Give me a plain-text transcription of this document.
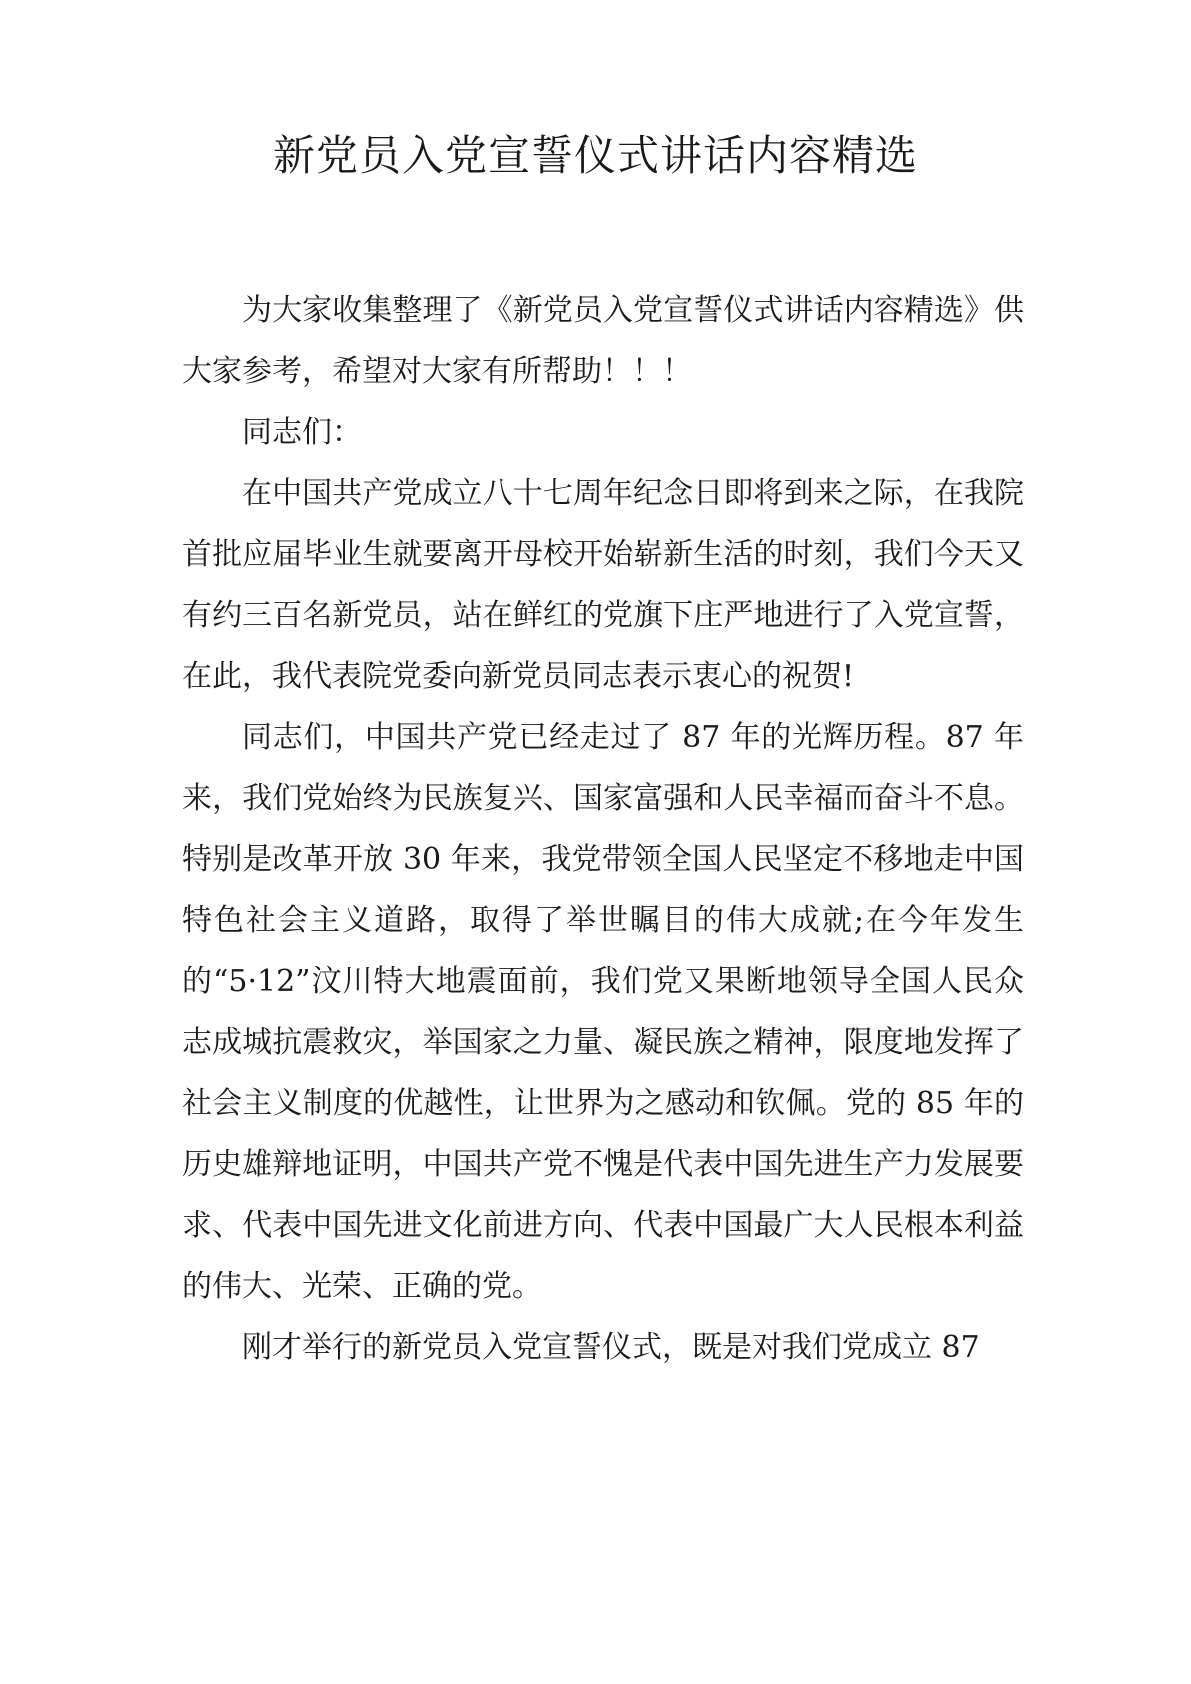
新党员入党宣誓仪式讲话内容精选

为大家收集整理了《新党员入党宣誓仪式讲话内容精选》供大家参考，希望对大家有所帮助！！！

同志们：

在中国共产党成立八十七周年纪念日即将到来之际，在我院首批应届毕业生就要离开母校开始崭新生活的时刻，我们今天又有约三百名新党员，站在鲜红的党旗下庄严地进行了入党宣誓，在此，我代表院党委向新党员同志表示衷心的祝贺!

同志们，中国共产党已经走过了 87 年的光辉历程。87 年来，我们党始终为民族复兴、国家富强和人民幸福而奋斗不息。特别是改革开放 30 年来，我党带领全国人民坚定不移地走中国特色社会主义道路，取得了举世瞩目的伟大成就;在今年发生的“5·12”汶川特大地震面前，我们党又果断地领导全国人民众志成城抗震救灾，举国家之力量、凝民族之精神，限度地发挥了社会主义制度的优越性，让世界为之感动和钦佩。党的 85 年的历史雄辩地证明，中国共产党不愧是代表中国先进生产力发展要求、代表中国先进文化前进方向、代表中国最广大人民根本利益的伟大、光荣、正确的党。

刚才举行的新党员入党宣誓仪式，既是对我们党成立 87
